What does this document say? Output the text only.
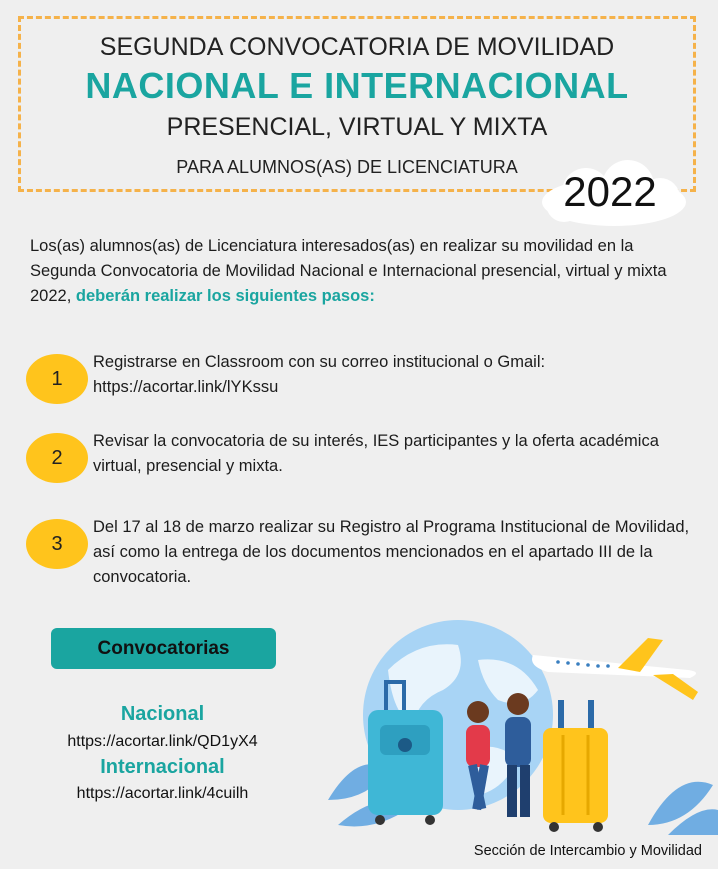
SEGUNDA CONVOCATORIA DE MOVILIDAD
NACIONAL E INTERNACIONAL
PRESENCIAL, VIRTUAL Y MIXTA
PARA ALUMNOS(AS) DE LICENCIATURA
2022
Los(as) alumnos(as) de Licenciatura interesados(as) en realizar su movilidad en la Segunda Convocatoria de Movilidad Nacional e Internacional presencial, virtual y mixta 2022, deberán realizar los siguientes pasos:
1
Registrarse en Classroom con su correo institucional o Gmail: https://acortar.link/lYKssu
2
Revisar la convocatoria de su interés, IES participantes y la oferta académica virtual, presencial y mixta.
3
Del 17 al 18 de marzo realizar su Registro al Programa Institucional de Movilidad, así como la entrega de los documentos mencionados en el apartado III de la convocatoria.
Convocatorias
Nacional
https://acortar.link/QD1yX4
Internacional
https://acortar.link/4cuilh
Sección de Intercambio y Movilidad
